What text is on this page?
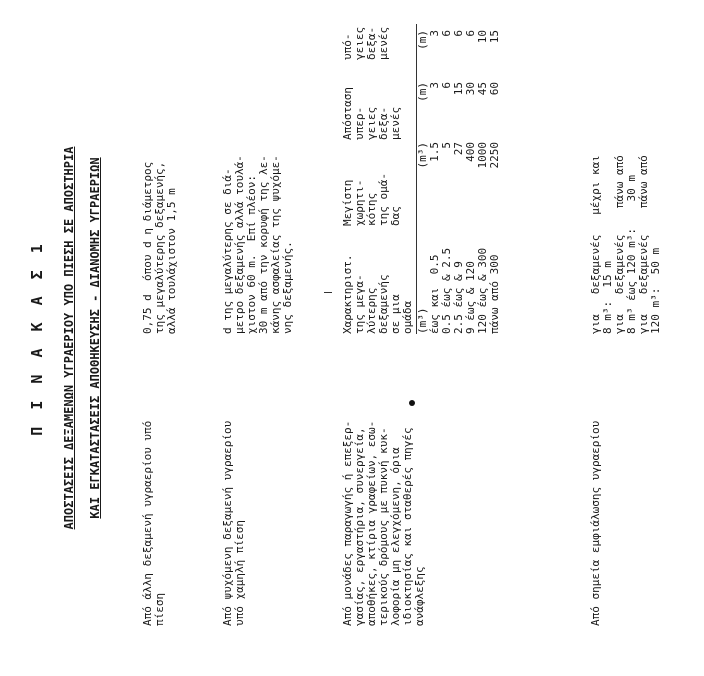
Π Ι Ν Α Κ Α Σ 1 ΑΠΟΣΤΑΣΕΙΣ ΔΕΞΑΜΕΝΩΝ ΥΓΡΑΕΡΙΟΥ ΥΠΟ ΠΙΕΣΗ ΣΕ ΑΠΟΣΤΗΡΙΑ ΚΑΙ ΕΓΚΑΤΑΣΤΑΣΕΙΣ ΑΠΟΘΗΚΕΥΣΗΣ - ΔΙΑΝΟΜΗΣ ΥΓΡΑΕΡΙΩΝ
Από άλλη δεξαμενή υγραερίου υπό
πίεση
0,75 d  όπου d η διάμετρος
της μεγαλύτερης δεξαμενής,
αλλά τουλάχιστον 1,5 m
Από ψυχόμενη δεξαμενή υγραερίου
υπό χαμηλή πίεση
d της μεγαλύτερης σε διά-
μετρο δεξαμενής αλλά τουλά-
χιστον 60 m.  Επί πλέον:
30 m από την κορυφή της λε-
κάνης ασφαλείας της ψυχόμε-
νης δεξαμενής.
Από μονάδες παραγωγής ή επεξερ-
γασίας, εργαστήρια, συνεργεία,
αποθήκες, κτίρια γραφείων, εσω-
τερικούς δρόμους με πυκνή κυκ-
λοφορία μη ελεγχόμενη, όρια
ιδιοκτησίας και σταθερές πηγές
ανάφλεξης
Χαρακτηριστ.
της μεγα-
λύτερης
δεξαμενής
σε μια
ομάδα
Μεγίστη
χωρητι-
κότης
της ομά-
δας
Απόσταση
υπερ-
γειες
δεξα-
μενές
υπό-
γειες
δεξα-
μενές
(m³)
(m³)
(m)
(m)
έως και  0.5
1.5
3
3
0.5 έως & 2.5
5
6
6
2.5 έως & 9
27
15
6
9 έως & 120
400
30
6
120 έως & 300
1000
45
10
πάνω από 300
2250
60
15
Από σημεία εμφιάλωσης υγραερίου
για   δεξαμενές   μέχρι και
8 m³:  15 m
για   δεξαμενές    πάνω από
8 m³ έως 120 m³:    30 m
για   δεξαμενές    πάνω από
120 m³:  50 m
